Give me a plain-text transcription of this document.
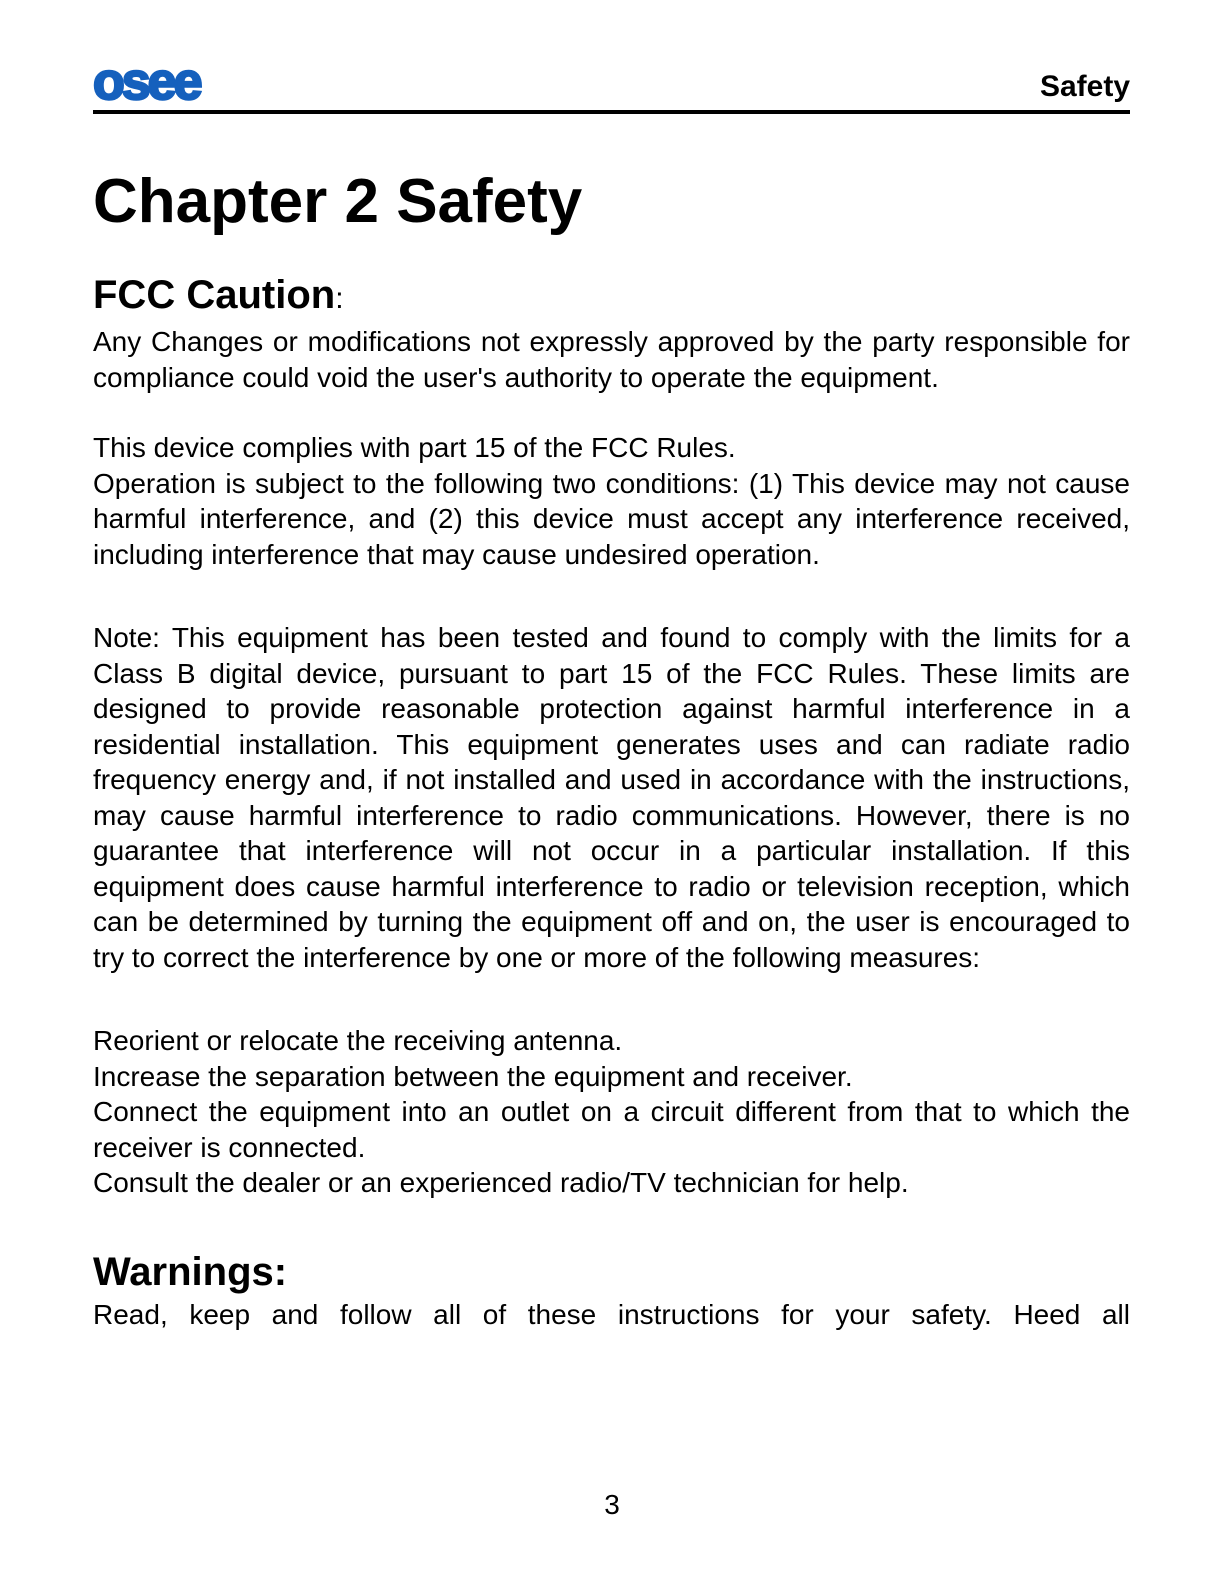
osee	Safety
Chapter 2 Safety
FCC Caution:

Any Changes or modifications not expressly approved by the party responsible for compliance could void the user's authority to operate the equipment.

This device complies with part 15 of the FCC Rules.

Operation is subject to the following two conditions: (1) This device may not cause harmful interference, and (2) this device must accept any interference received, including interference that may cause undesired operation.

Note: This equipment has been tested and found to comply with the limits for a Class B digital device, pursuant to part 15 of the FCC Rules. These limits are designed to provide reasonable protection against harmful interference in a residential installation. This equipment generates uses and can radiate radio frequency energy and, if not installed and used in accordance with the instructions, may cause harmful interference to radio communications. However, there is no guarantee that interference will not occur in a particular installation. If this equipment does cause harmful interference to radio or television reception, which can be determined by turning the equipment off and on, the user is encouraged to try to correct the interference by one or more of the following measures:

Reorient or relocate the receiving antenna.

Increase the separation between the equipment and receiver.

Connect the equipment into an outlet on a circuit different from that to which the receiver is connected.

Consult the dealer or an experienced radio/TV technician for help.

Warnings:

Read, keep and follow all of these instructions for your safety. Heed all

3
